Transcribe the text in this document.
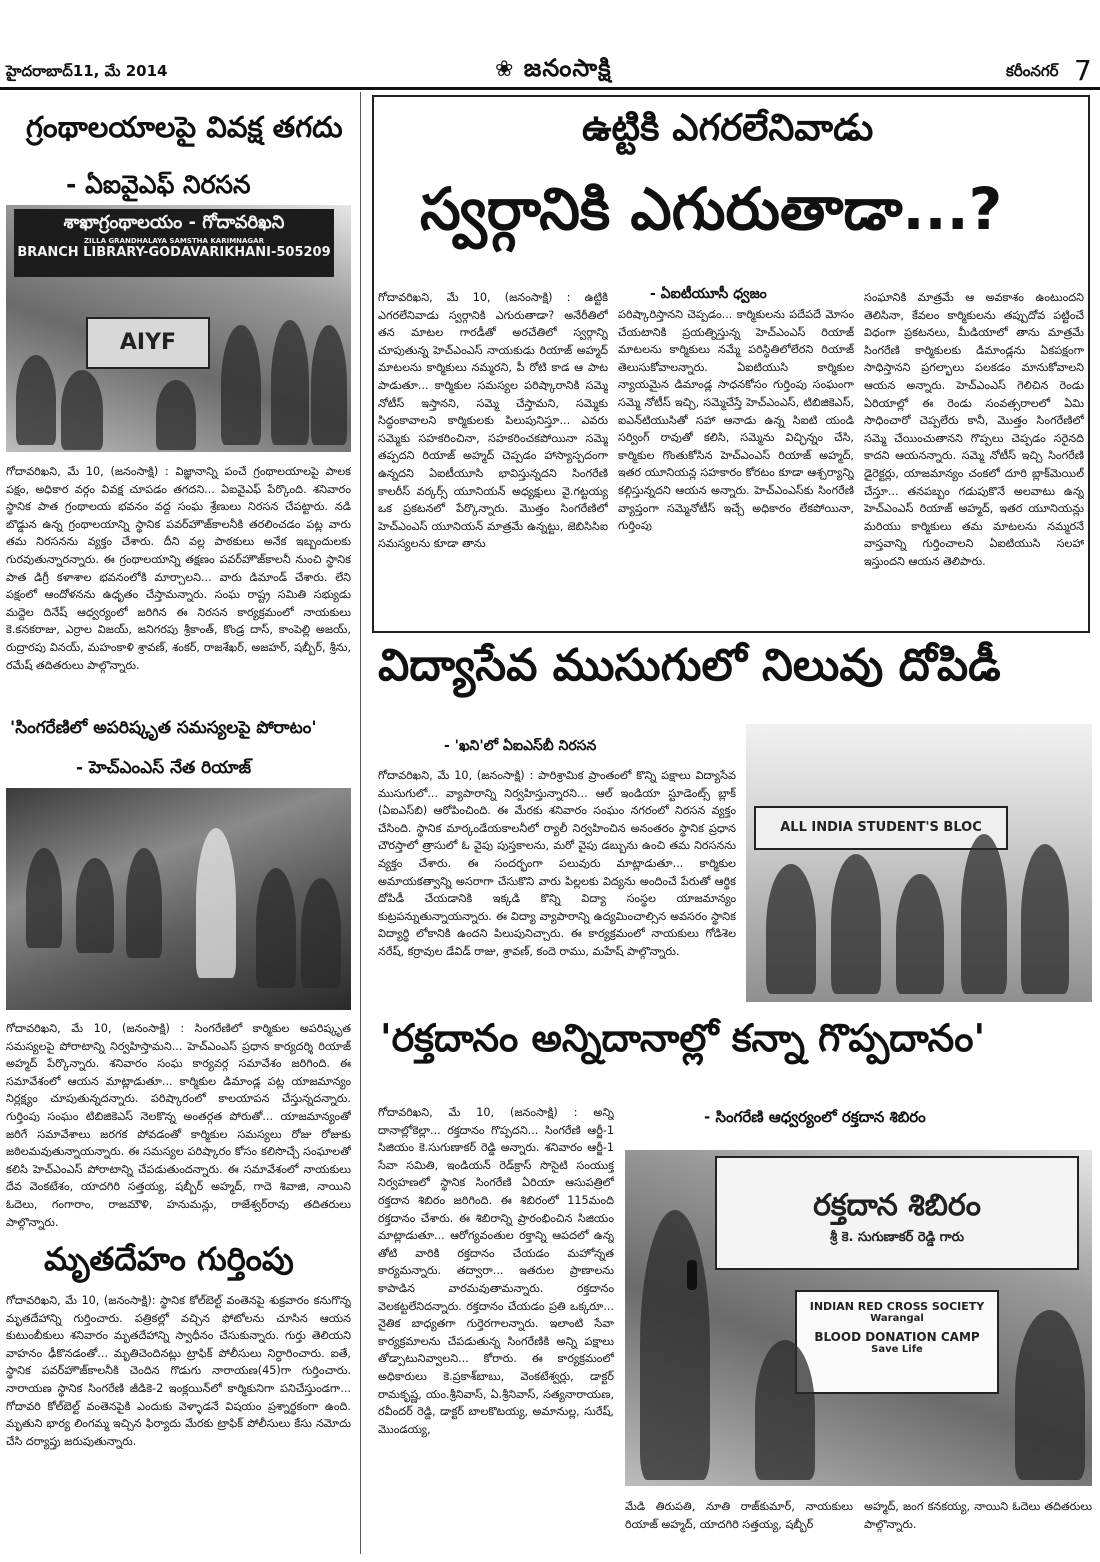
హైదరాబాద్11, మే 2014	❀ జనంసాక్షి	కరీంనగర్ 7
గ్రంథాలయాలపై వివక్ష తగదు
- ఏఐవైఎఫ్ నిరసన
శాఖాగ్రంథాలయం - గోదావరిఖని
ZILLA GRANDHALAYA SAMSTHA KARIMNAGAR
BRANCH LIBRARY-GODAVARIKHANI-505209
AIYF
గోదావరిఖని, మే 10, (జనంసాక్షి) : విజ్ఞానాన్ని పంచే గ్రంథాలయాలపై పాలక పక్షం, అధికార వర్గం వివక్ష చూపడం తగదని... ఏఐవైఎఫ్ పేర్కొంది. శనివారం స్థానిక పాత గ్రంథాలయ భవనం వద్ద సంఘ శ్రేణులు నిరసన చేపట్టారు. నడి బొడ్డున ఉన్న గ్రంథాలయాన్ని స్థానిక పవర్‌హౌజ్‌కాలనీకి తరలించడం పట్ల వారు తమ నిరసనను వ్యక్తం చేశారు. దీని వల్ల పాఠకులు అనేక ఇబ్బందులకు గురవుతున్నారన్నారు. ఈ గ్రంథాలయాన్ని తక్షణం పవర్‌హౌజ్‌కాలనీ నుంచి స్థానిక పాత డిగ్రీ కళాశాల భవనంలోకి మార్చాలని... వారు డిమాండ్ చేశారు. లేని పక్షంలో ఆందోళనను ఉధృతం చేస్తామన్నారు. సంఘ రాష్ట్ర సమితి సభ్యుడు మద్దెల దినేష్ ఆధ్వర్యంలో జరిగిన ఈ నిరసన కార్యక్రమంలో నాయకులు కె.కనకరాజు, ఎర్రాల విజయ్, జనిగరపు శ్రీకాంత్, కొండ్ర దాస్, కాంపెల్లి అజయ్, రుద్రారపు వినయ్, మహంకాళి శ్రావణ్, శంకర్, రాజశేఖర్, అజహర్, షబ్బీర్, శ్రీను, రమేష్ తదితరులు పాల్గొన్నారు.
'సింగరేణిలో అపరిష్కృత సమస్యలపై పోరాటం'
- హెచ్‌ఎంఎస్ నేత రియాజ్
గోదావరిఖని, మే 10, (జనంసాక్షి) : సింగరేణిలో కార్మికుల అపరిష్కృత సమస్యలపై పోరాటాన్ని నిర్వహిస్తామని... హెచ్‌ఎంఎస్ ప్రధాన కార్యదర్శి రియాజ్ అహ్మద్ పేర్కొన్నారు. శనివారం సంఘ కార్యవర్గ సమావేశం జరిగింది. ఈ సమావేశంలో ఆయన మాట్లాడుతూ... కార్మికుల డిమాండ్ల పట్ల యాజమాన్యం నిర్లక్ష్యం చూపుతున్నదన్నారు. పరిష్కారంలో కాలయాపన చేస్తున్నదన్నారు. గుర్తింపు సంఘం టిబిజికెఎస్ నెలకొన్న అంతర్గత పోరుతో... యాజమాన్యంతో జరిగే సమావేశాలు జరగక పోవడంతో కార్మికుల సమస్యలు రోజు రోజుకు జఠిలమవుతున్నాయన్నారు. ఈ సమస్యల పరిష్కారం కోసం కలిసొచ్చే సంఘాలతో కలిసి హెచ్‌ఎంఎస్ పోరాటాన్ని చేపడుతుందన్నారు. ఈ సమావేశంలో నాయకులు దేవ వెంకటేశం, యాదగిరి సత్తయ్య, షబ్బీర్ అహ్మద్, గాదె శివాజి, నాయిని ఓదెలు, గంగారాం, రాజమౌళి, హనుమన్లు, రాజేశ్వర్‌రావు తదితరులు పాల్గొన్నారు.
మృతదేహం గుర్తింపు
గోదావరిఖని, మే 10, (జనంసాక్షి): స్థానిక కోల్‌బెల్ట్ వంతెనపై శుక్రవారం కనుగొన్న మృతదేహాన్ని గుర్తించారు. పత్రికల్లో వచ్చిన ఫోటోలను చూసిన ఆయన కుటుంబీకులు శనివారం మృతదేహాన్ని స్వాధీనం చేసుకున్నారు. గుర్తు తెలియని వాహనం ఢీకొనడంతో... మృతిచెందినట్లు ట్రాఫిక్ పోలీసులు నిర్ధారించారు. ఐతే, స్థానిక పవర్‌హౌజ్‌కాలనీకి చెందిన గొడుగు నారాయణ(45)గా గుర్తించారు. నారాయణ స్థానిక సింగరేణి జీడికె-2 ఇంక్లయిన్‌లో కార్మికునిగా పనిచేస్తుండగా... గోదావరి కోల్‌బెల్ట్ వంతెనపైకి ఎందుకు వెళ్ళాడనే విషయం ప్రశ్నార్థకంగా ఉంది. మృతుని భార్య లింగమ్మ ఇచ్చిన ఫిర్యాదు మేరకు ట్రాఫిక్ పోలీసులు కేసు నమోదు చేసి దర్యాప్తు జరుపుతున్నారు.
ఉట్టికి ఎగరలేనివాడు
స్వర్గానికి ఎగురుతాడా...?
- ఏఐటీయూసీ ధ్వజం
గోదావరిఖని, మే 10, (జనంసాక్షి) : ఉట్టికి ఎగరలేనివాడు స్వర్గానికి ఎగురుతాడా? అనేరీతిలో తన మాటల గారడీతో అరచేతిలో స్వర్గాన్ని చూపుతున్న హెచ్‌ఎంఎస్ నాయకుడు రియాజ్ అహ్మద్ మాటలను కార్మికులు నమ్మరని, పీ రోటి కాడ ఆ పాట పాడుతూ... కార్మికుల సమస్యల పరిష్కారానికి సమ్మె నోటీస్ ఇస్తానని, సమ్మె చేస్తామని, సమ్మెకు సిద్ధంకావాలని కార్మికులకు పిలుపునిస్తూ... ఎవరు సమ్మెకు సహకరించినా, సహకరించకపోయినా సమ్మె తప్పదని రియాజ్ అహ్మద్ చెప్పడం హాస్యాస్పదంగా ఉన్నదని ఏఐటీయూసి భావిస్తున్నదని సింగరేణి కాలరీస్ వర్కర్స్ యూనియన్ అధ్యక్షులు వై.గట్టయ్య ఒక ప్రకటనలో పేర్కొన్నారు. మొత్తం సింగరేణిలో హెచ్‌ఎంఎస్ యూనియన్ మాత్రమే ఉన్నట్టు, జెబిసిసిఐ సమస్యలను కూడా తాను
పరిష్కారిస్తానని చెప్పడం... కార్మికులను పదేపదే మోసం చేయటానికి ప్రయత్నిస్తున్న హెచ్‌ఎంఎస్ రియాజ్ మాటలను కార్మికులు నమ్మే పరిస్థితిలోలేరని రియాజ్ తెలుసుకోవాలన్నారు. ఏఐటియుసి కార్మికుల న్యాయమైన డిమాండ్ల సాధనకోసం గుర్తింపు సంఘంగా సమ్మె నోటీస్ ఇచ్చి, సమ్మెచేస్తే హెచ్‌ఎంఎస్, టిబిజికెఎస్, ఐఎన్‌టియుసితో సహా ఆనాడు ఉన్న సిఐటి యండి సర్వింగ్ రావుతో కలిసి, సమ్మెను విచ్ఛిన్నం చేసి, కార్మికుల గొంతుకోసిన హెచ్‌ఎంఎస్ రియాజ్ అహ్మద్, ఇతర యూనియన్ల సహకారం కోరటం కూడా ఆశ్చర్యాన్ని కల్గిస్తున్నదని ఆయన అన్నారు. హెచ్‌ఎంఎస్‌కు సింగరేణి వ్యాప్తంగా సమ్మెనోటీస్ ఇచ్చే అధికారం లేకపోయినా, గుర్తింపు
సంఘానికి మాత్రమే ఆ అవకాశం ఉంటుందని తెలిసినా, కేవలం కార్మికులను తప్పుదోవ పట్టించే విధంగా ప్రకటనలు, మీడియాలో తాను మాత్రమే సింగరేణి కార్మికులకు డిమాండ్లను ఏకపక్షంగా సాధిస్తానని ప్రగల్భాలు పలకడం మానుకోవాలని ఆయన అన్నారు. హెచ్‌ఎంఎస్ గెలిచిన రెండు ఏరియాల్లో ఈ రెండు సంవత్సరాలలో ఏమి సాధించారో చెప్పలేరు కానీ, మొత్తం సింగరేణిలో సమ్మె చేయించుతానని గొప్పలు చెప్పడం సరైనది కాదని ఆయనన్నారు. సమ్మె నోటీస్ ఇచ్చి సింగరేణి డైరెక్టర్లు, యాజమాన్యం చంకలో దూరి బ్లాక్‌మెయిల్ చేస్తూ... తనపబ్బం గడుపుకొనే అలవాటు ఉన్న హెచ్‌ఎంఎస్ రియాజ్ అహ్మద్, ఇతర యూనియన్లు మరియు కార్మికులు తమ మాటలను నమ్మరనే వాస్తవాన్ని గుర్తించాలని ఏఐటియుసి సలహా ఇస్తుందని ఆయన తెలిపారు.
విద్యాసేవ ముసుగులో నిలువు దోపిడీ
- 'ఖని'లో ఏఐఎస్‌బీ నిరసన
గోదావరిఖని, మే 10, (జనంసాక్షి) : పారిశ్రామిక ప్రాంతంలో కొన్ని పక్షాలు విద్యాసేవ ముసుగులో... వ్యాపారాన్ని నిర్వహిస్తున్నారని... ఆల్ ఇండియా స్టూడెంట్స్ బ్లాక్ (ఏఐఎస్‌బి) ఆరోపించింది. ఈ మేరకు శనివారం సంఘం నగరంలో నిరసన వ్యక్తం చేసింది. స్థానిక మార్కండేయకాలనీలో ర్యాలీ నిర్వహించిన అనంతరం స్థానిక ప్రధాన చౌరస్తాలో త్రాసులో ఓ వైపు పుస్తకాలను, మరో వైపు డబ్బును ఉంచి తమ నిరసనను వ్యక్తం చేశారు. ఈ సందర్భంగా పలువురు మాట్లాడుతూ... కార్మికుల అమాయకత్వాన్ని అసరాగా చేసుకొని వారు పిల్లలకు విద్యను అందించే పేరుతో ఆర్థిక దోపిడీ చేయడానికి ఇక్కడి కొన్ని విద్యా సంస్థల యాజమాన్యం కుట్రపన్నుతున్నాయన్నారు. ఈ విద్యా వ్యాపారాన్ని ఉద్యమించాల్సిన అవసరం స్థానిక విద్యార్థి లోకానికి ఉందని పిలుపునిచ్చారు. ఈ కార్యక్రమంలో నాయకులు గోడిశెల నరేష్, కర్రావుల డేవిడ్ రాజు, శ్రావణ్, కందె రాము, మహేష్ పాల్గొన్నారు.
ALL INDIA STUDENT'S BLOC
'రక్తదానం అన్నిదానాల్లో కన్నా గొప్పదానం'
- సింగరేణి ఆధ్వర్యంలో రక్తదాన శిబిరం
గోదావరిఖని, మే 10, (జనంసాక్షి) : అన్ని దానాల్లోకెల్లా... రక్తదానం గొప్పదని... సింగరేణి ఆర్జీ-1 సిజియం కె.సుగుణాకర్ రెడ్డి అన్నారు. శనివారం ఆర్జీ-1 సేవా సమితి, ఇండియన్ రెడ్‌క్రాస్ సొసైటి సంయుక్త నిర్వహణలో స్థానిక సింగరేణి ఏరియా ఆసుపత్రిలో రక్తదాన శిబిరం జరిగింది. ఈ శిబిరంలో 115మంది రక్తదానం చేశారు. ఈ శిబిరాన్ని ప్రారంభించిన సిజియం మాట్లాడుతూ... ఆరోగ్యవంతుల రక్తాన్ని ఆపదలో ఉన్న తోటి వారికి రక్తదానం చేయడం మహోన్నత కార్యమన్నారు. తద్వారా... ఇతరుల ప్రాణాలను కాపాడిన వారమవుతామన్నారు. రక్తదానం వెలకట్టలేనిదన్నారు. రక్తదానం చేయడం ప్రతి ఒక్కరూ... నైతిక బాధ్యతగా గుర్తెరగాలన్నారు. ఇలాంటి సేవా కార్యక్రమాలను చేపడుతున్న సింగరేణికి అన్ని పక్షాలు తోడ్పాటునివ్వాలని... కోరారు. ఈ కార్యక్రమంలో అధికారులు కె.ప్రకాశ్‌బాబు, వెంకటేశ్వర్లు, డాక్టర్ రామకృష్ణ, యం.శ్రీనివాస్, ఏ.శ్రీనివాస్, సత్యనారాయణ, రవీందర్ రెడ్డి, డాక్టర్ బాలకొటయ్య, అమానుల్ల, సురేష్, మొండయ్య,
రక్తదాన శిబిరం
శ్రీ కె. సుగుణాకర్ రెడ్డి గారు
INDIAN RED CROSS SOCIETY
Warangal
BLOOD DONATION CAMP
Save Life
మేడి తిరుపతి, నూతి రాజ్‌కుమార్, నాయకులు రియాజ్ అహ్మద్, యాదగిరి సత్తయ్య, షబ్బీర్
అహ్మద్, జంగ కనకయ్య, నాయిని ఓదెలు తదితరులు పాల్గొన్నారు.
